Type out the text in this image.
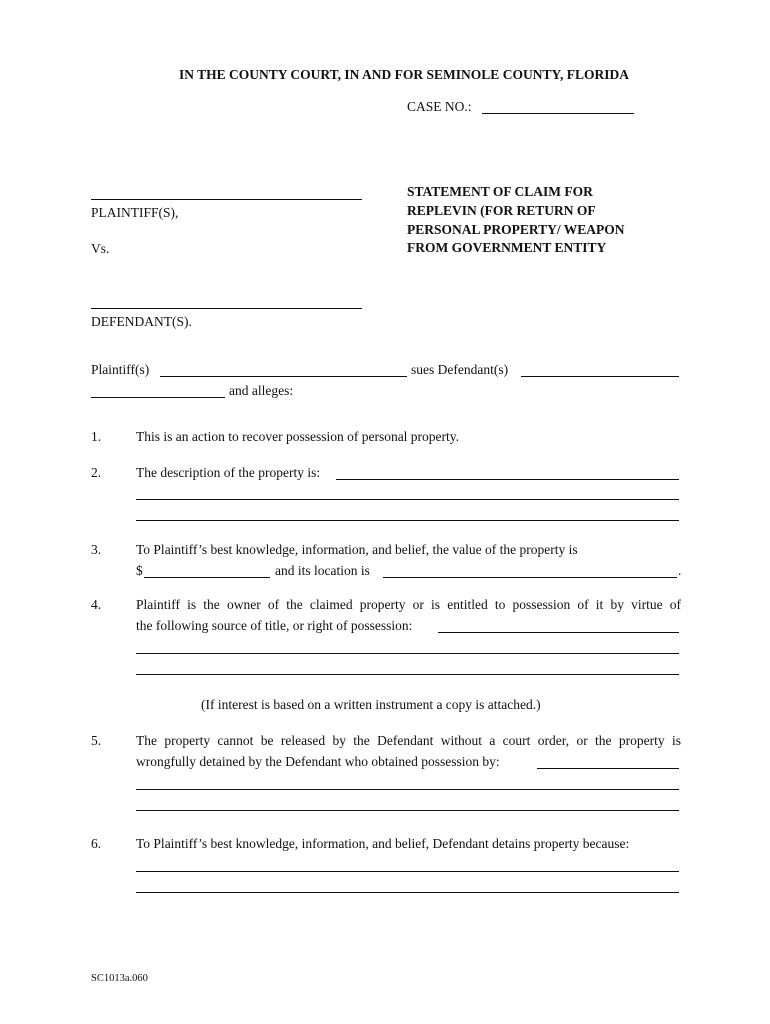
IN THE COUNTY COURT, IN AND FOR SEMINOLE COUNTY, FLORIDA
CASE NO.:
PLAINTIFF(S),
Vs.
DEFENDANT(S).
STATEMENT OF CLAIM FOR
REPLEVIN (FOR RETURN OF
PERSONAL PROPERTY/ WEAPON
FROM GOVERNMENT ENTITY
Plaintiff(s)	sues Defendant(s)
and alleges:
1.	This is an action to recover possession of personal property.
2.	The description of the property is:
3.	To Plaintiff’s best knowledge, information, and belief, the value of the property is
$	and its location is	.
4.	Plaintiff is the owner of the claimed property or is entitled to possession of it by virtue of
the following source of title, or right of possession:
(If interest is based on a written instrument a copy is attached.)
5.	The property cannot be released by the Defendant without a court order, or the property is
wrongfully detained by the Defendant who obtained possession by:
6.	To Plaintiff’s best knowledge, information, and belief, Defendant detains property because:
SC1013a.060
